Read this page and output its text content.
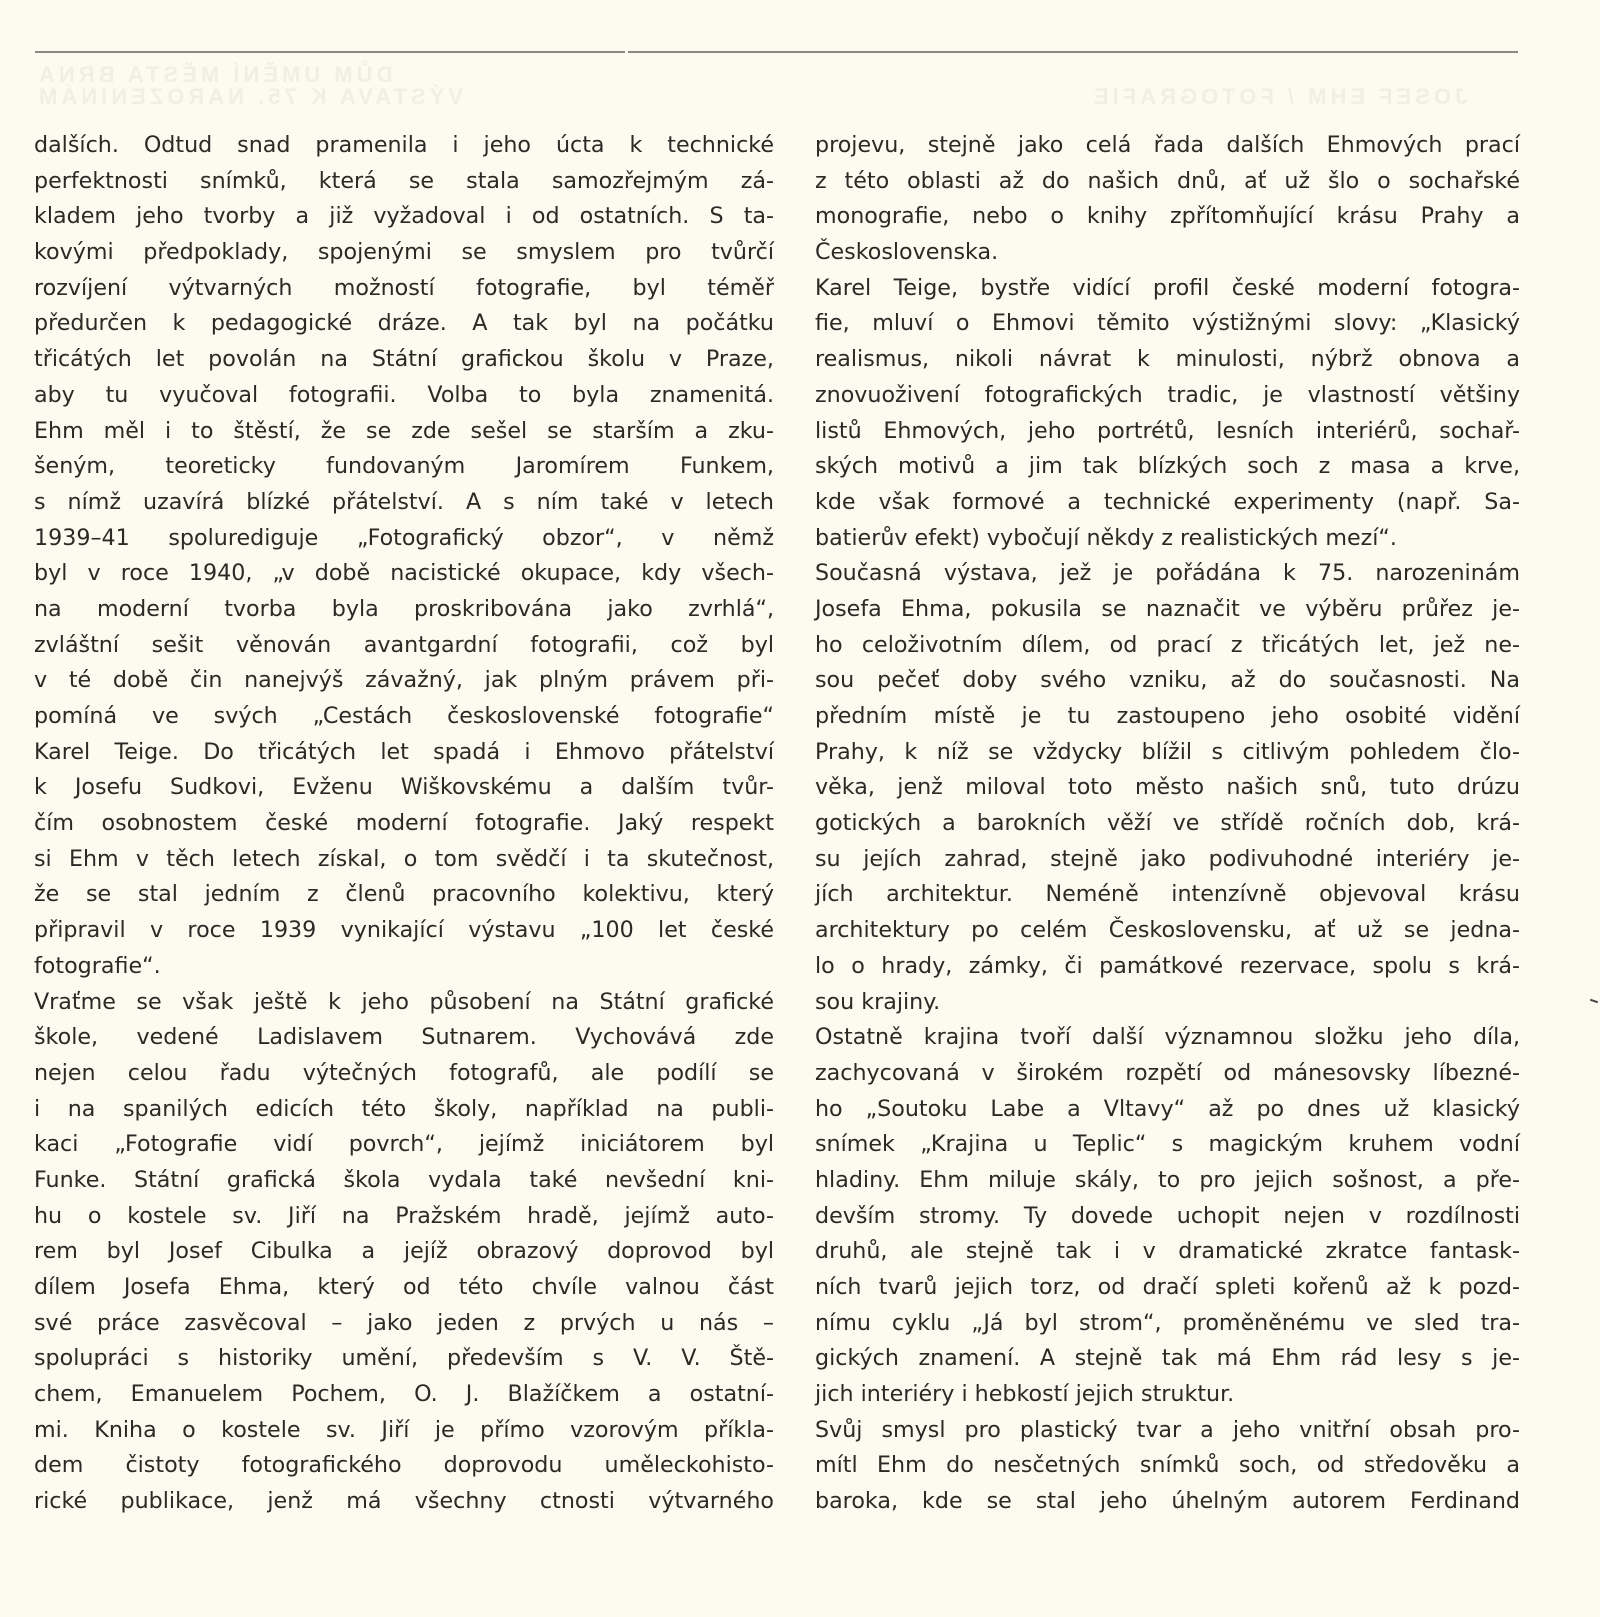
JOSEF EHM / FOTOGRAFIE
DŮM UMĚNÍ MĚSTA BRNA
VÝSTAVA K 75. NAROZENINÁM
dalších. Odtud snad pramenila i jeho úcta k technické
perfektnosti snímků, která se stala samozřejmým zá-
kladem jeho tvorby a již vyžadoval i od ostatních. S ta-
kovými předpoklady, spojenými se smyslem pro tvůrčí
rozvíjení výtvarných možností fotografie, byl téměř
předurčen k pedagogické dráze. A tak byl na počátku
třicátých let povolán na Státní grafickou školu v Praze,
aby tu vyučoval fotografii. Volba to byla znamenitá.
Ehm měl i to štěstí, že se zde sešel se starším a zku-
šeným, teoreticky fundovaným Jaromírem Funkem,
s nímž uzavírá blízké přátelství. A s ním také v letech
1939–41 spolurediguje „Fotografický obzor“, v němž
byl v roce 1940, „v době nacistické okupace, kdy všech-
na moderní tvorba byla proskribována jako zvrhlá“,
zvláštní sešit věnován avantgardní fotografii, což byl
v té době čin nanejvýš závažný, jak plným právem při-
pomíná ve svých „Cestách československé fotografie“
Karel Teige. Do třicátých let spadá i Ehmovo přátelství
k Josefu Sudkovi, Evženu Wiškovskému a dalším tvůr-
čím osobnostem české moderní fotografie. Jaký respekt
si Ehm v těch letech získal, o tom svědčí i ta skutečnost,
že se stal jedním z členů pracovního kolektivu, který
připravil v roce 1939 vynikající výstavu „100 let české
fotografie“.
Vraťme se však ještě k jeho působení na Státní grafické
škole, vedené Ladislavem Sutnarem. Vychovává zde
nejen celou řadu výtečných fotografů, ale podílí se
i na spanilých edicích této školy, například na publi-
kaci „Fotografie vidí povrch“, jejímž iniciátorem byl
Funke. Státní grafická škola vydala také nevšední kni-
hu o kostele sv. Jiří na Pražském hradě, jejímž auto-
rem byl Josef Cibulka a jejíž obrazový doprovod byl
dílem Josefa Ehma, který od této chvíle valnou část
své práce zasvěcoval – jako jeden z prvých u nás –
spolupráci s historiky umění, především s V. V. Ště-
chem, Emanuelem Pochem, O. J. Blažíčkem a ostatní-
mi. Kniha o kostele sv. Jiří je přímo vzorovým příkla-
dem čistoty fotografického doprovodu uměleckohisto-
rické publikace, jenž má všechny ctnosti výtvarného
projevu, stejně jako celá řada dalších Ehmových prací
z této oblasti až do našich dnů, ať už šlo o sochařské
monografie, nebo o knihy zpřítomňující krásu Prahy a
Československa.
Karel Teige, bystře vidící profil české moderní fotogra-
fie, mluví o Ehmovi těmito výstižnými slovy: „Klasický
realismus, nikoli návrat k minulosti, nýbrž obnova a
znovuoživení fotografických tradic, je vlastností většiny
listů Ehmových, jeho portrétů, lesních interiérů, sochař-
ských motivů a jim tak blízkých soch z masa a krve,
kde však formové a technické experimenty (např. Sa-
batierův efekt) vybočují někdy z realistických mezí“.
Současná výstava, jež je pořádána k 75. narozeninám
Josefa Ehma, pokusila se naznačit ve výběru průřez je-
ho celoživotním dílem, od prací z třicátých let, jež ne-
sou pečeť doby svého vzniku, až do současnosti. Na
předním místě je tu zastoupeno jeho osobité vidění
Prahy, k níž se vždycky blížil s citlivým pohledem člo-
věka, jenž miloval toto město našich snů, tuto drúzu
gotických a barokních věží ve střídě ročních dob, krá-
su jejích zahrad, stejně jako podivuhodné interiéry je-
jích architektur. Neméně intenzívně objevoval krásu
architektury po celém Československu, ať už se jedna-
lo o hrady, zámky, či památkové rezervace, spolu s krá-
sou krajiny.
Ostatně krajina tvoří další významnou složku jeho díla,
zachycovaná v širokém rozpětí od mánesovsky líbezné-
ho „Soutoku Labe a Vltavy“ až po dnes už klasický
snímek „Krajina u Teplic“ s magickým kruhem vodní
hladiny. Ehm miluje skály, to pro jejich sošnost, a pře-
devším stromy. Ty dovede uchopit nejen v rozdílnosti
druhů, ale stejně tak i v dramatické zkratce fantask-
ních tvarů jejich torz, od dračí spleti kořenů až k pozd-
nímu cyklu „Já byl strom“, proměněnému ve sled tra-
gických znamení. A stejně tak má Ehm rád lesy s je-
jich interiéry i hebkostí jejich struktur.
Svůj smysl pro plastický tvar a jeho vnitřní obsah pro-
mítl Ehm do nesčetných snímků soch, od středověku a
baroka, kde se stal jeho úhelným autorem Ferdinand
